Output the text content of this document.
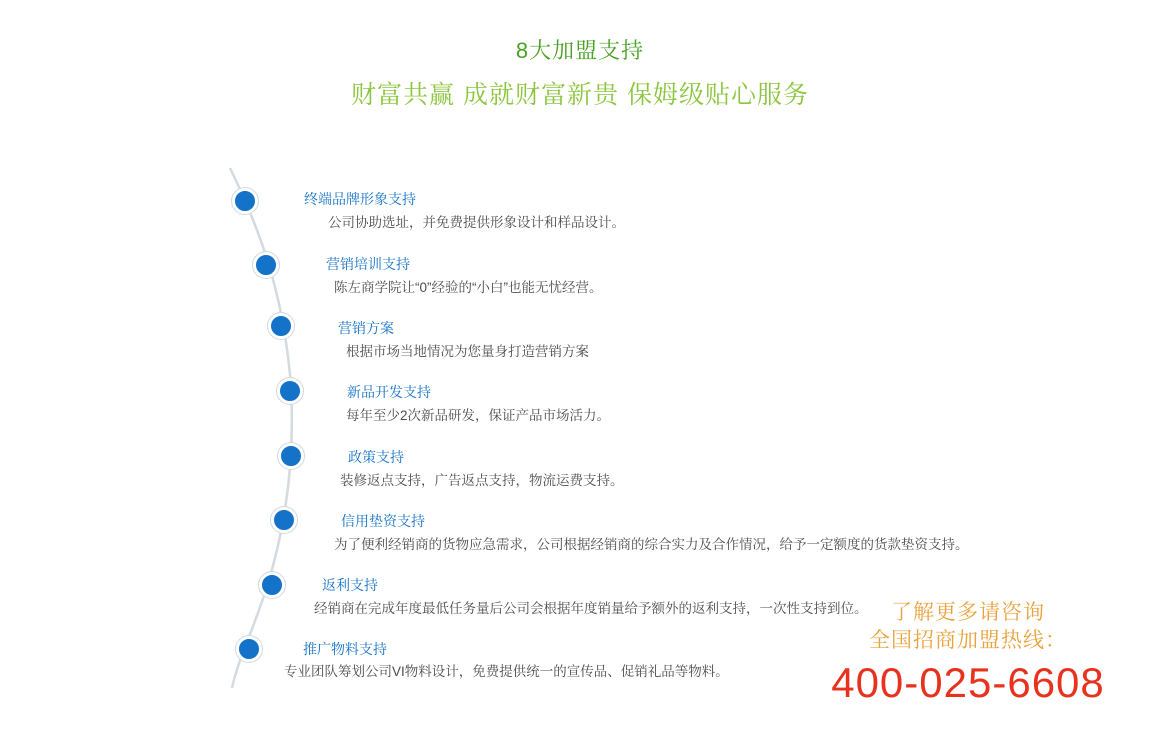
8大加盟支持
财富共赢 成就财富新贵 保姆级贴心服务
终端品牌形象支持
公司协助选址，并免费提供形象设计和样品设计。
营销培训支持
陈左商学院让“0”经验的“小白”也能无忧经营。
营销方案
根据市场当地情况为您量身打造营销方案
新品开发支持
每年至少2次新品研发，保证产品市场活力。
政策支持
装修返点支持，广告返点支持，物流运费支持。
信用垫资支持
为了便利经销商的货物应急需求，公司根据经销商的综合实力及合作情况，给予一定额度的货款垫资支持。
返利支持
经销商在完成年度最低任务量后公司会根据年度销量给予额外的返利支持，一次性支持到位。
推广物料支持
专业团队筹划公司VI物料设计，免费提供统一的宣传品、促销礼品等物料。
了解更多请咨询
全国招商加盟热线：
400-025-6608
